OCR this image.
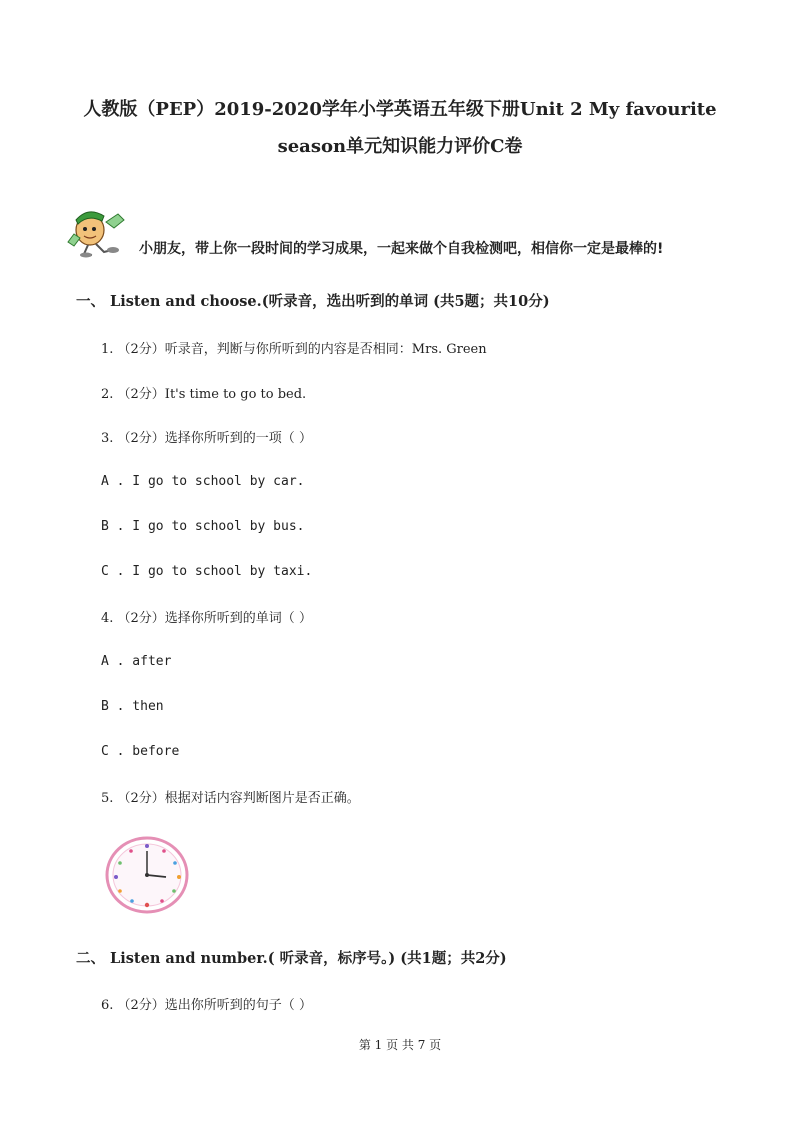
人教版（PEP）2019-2020学年小学英语五年级下册Unit 2 My favourite
season单元知识能力评价C卷
小朋友，带上你一段时间的学习成果，一起来做个自我检测吧，相信你一定是最棒的!
一、 Listen and choose.(听录音，选出听到的单词 (共5题；共10分)
1. （2分）听录音，判断与你所听到的内容是否相同：Mrs. Green
2. （2分）It's time to go to bed.
3. （2分）选择你所听到的一项（ ）
A . I go to school by car.
B . I go to school by bus.
C . I go to school by taxi.
4. （2分）选择你所听到的单词（ ）
A . after
B . then
C . before
5. （2分）根据对话内容判断图片是否正确。
二、 Listen and number.( 听录音，标序号。) (共1题；共2分)
6. （2分）选出你所听到的句子（ ）
第 1 页 共 7 页
